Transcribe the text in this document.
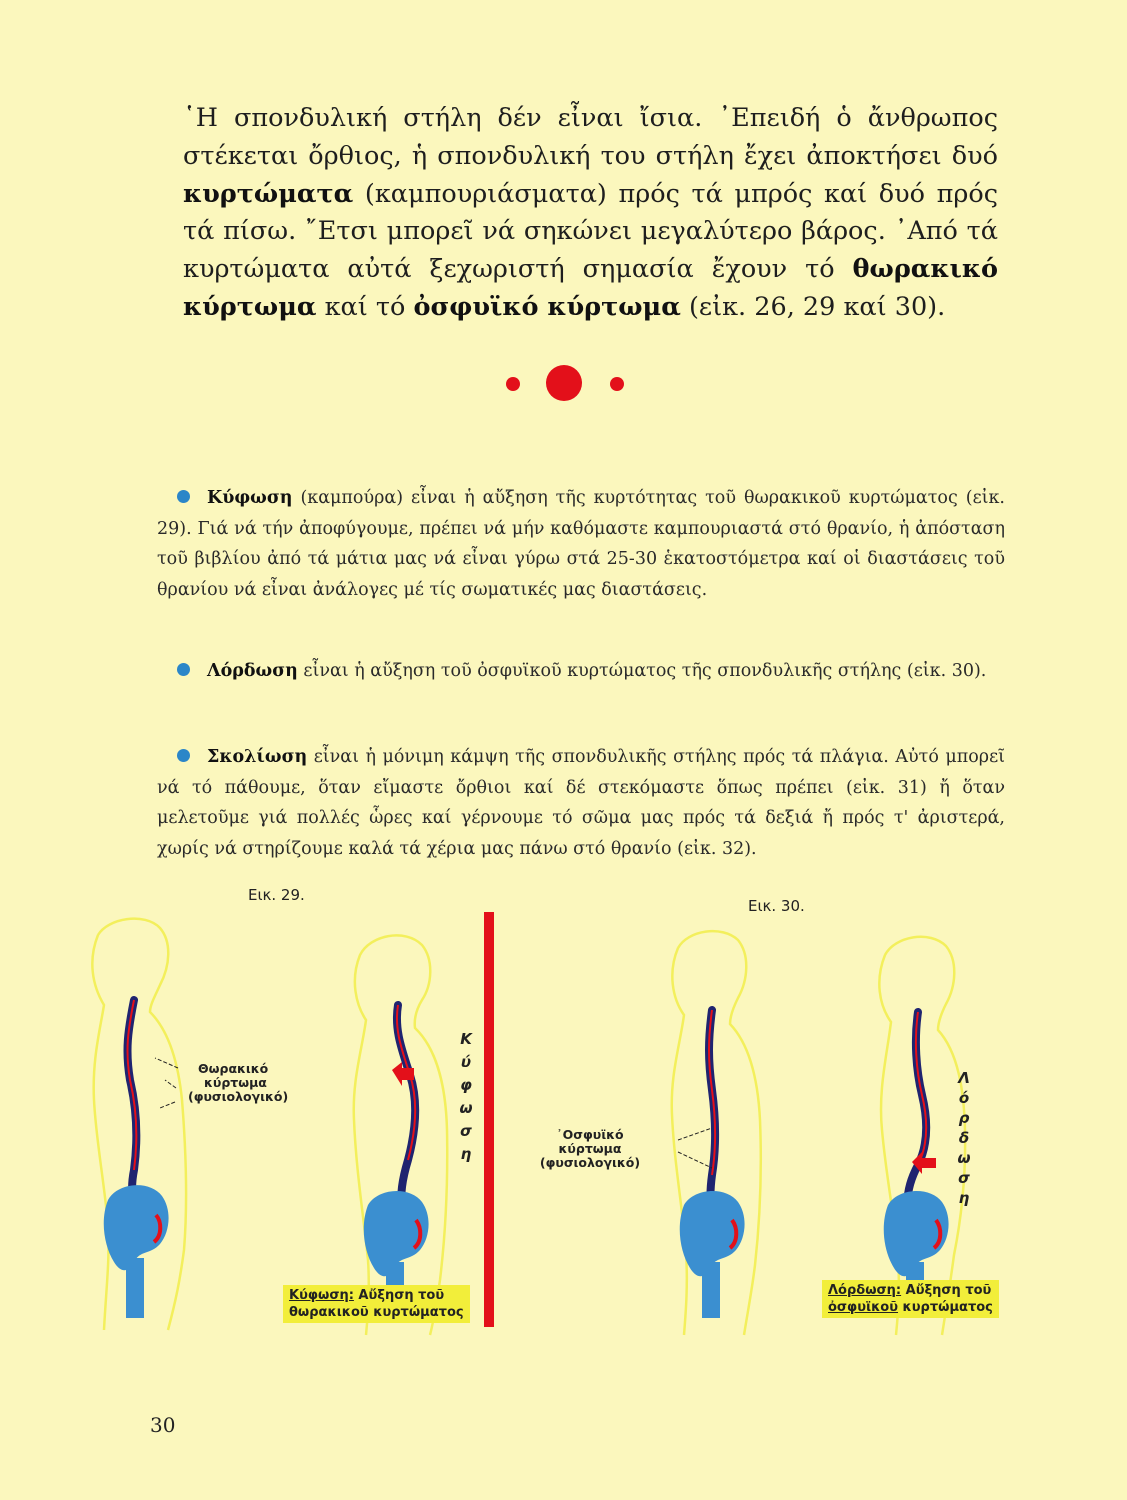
῾Η σπονδυλική στήλη δέν εἶναι ἴσια. ᾿Επειδή ὁ ἄνθρωπος στέκεται ὄρθιος, ἡ σπονδυλική του στήλη ἔχει ἀποκτήσει δυό κυρτώματα (καμπουριάσματα) πρός τά μπρός καί δυό πρός τά πίσω. ῎Ετσι μπορεῖ νά σηκώνει μεγαλύτερο βάρος. ᾿Από τά κυρτώματα αὐτά ξεχωριστή σημασία ἔχουν τό θωρακικό κύρτωμα καί τό ὀσφυϊκό κύρτωμα (εἰκ. 26, 29 καί 30).

Κύφωση (καμπούρα) εἶναι ἡ αὔξηση τῆς κυρτότητας τοῦ θωρακικοῦ κυρτώματος (εἰκ. 29). Γιά νά τήν ἀποφύγουμε, πρέπει νά μήν καθόμαστε καμπουριαστά στό θρανίο, ἡ ἀπόσταση τοῦ βιβλίου ἀπό τά μάτια μας νά εἶναι γύρω στά 25-30 ἑκατοστόμετρα καί οἱ διαστάσεις τοῦ θρανίου νά εἶναι ἀνάλογες μέ τίς σωματικές μας διαστάσεις.

Λόρδωση εἶναι ἡ αὔξηση τοῦ ὀσφυϊκοῦ κυρτώματος τῆς σπονδυλικῆς στήλης (εἰκ. 30).

Σκολίωση εἶναι ἡ μόνιμη κάμψη τῆς σπονδυλικῆς στήλης πρός τά πλάγια. Αὐτό μπορεῖ νά τό πάθουμε, ὅταν εἴμαστε ὄρθιοι καί δέ στεκόμαστε ὅπως πρέπει (εἰκ. 31) ἤ ὅταν μελετοῦμε γιά πολλές ὧρες καί γέρνουμε τό σῶμα μας πρός τά δεξιά ἤ πρός τ' ἀριστερά, χωρίς νά στηρίζουμε καλά τά χέρια μας πάνω στό θρανίο (εἰκ. 32).

Εικ. 29.
Εικ. 30.
Θωρακικό
κύρτωμα
(φυσιολογικό)
Κ
ύ
φ
ω
σ
η
᾿Οσφυϊκό
κύρτωμα
(φυσιολογικό)
Λ
ό
ρ
δ
ω
σ
η
Κύφωση: Αὔξηση τοῦ
θωρακικοῦ κυρτώματος
Λόρδωση: Αὔξηση τοῦ
ὀσφυϊκοῦ κυρτώματος
30
